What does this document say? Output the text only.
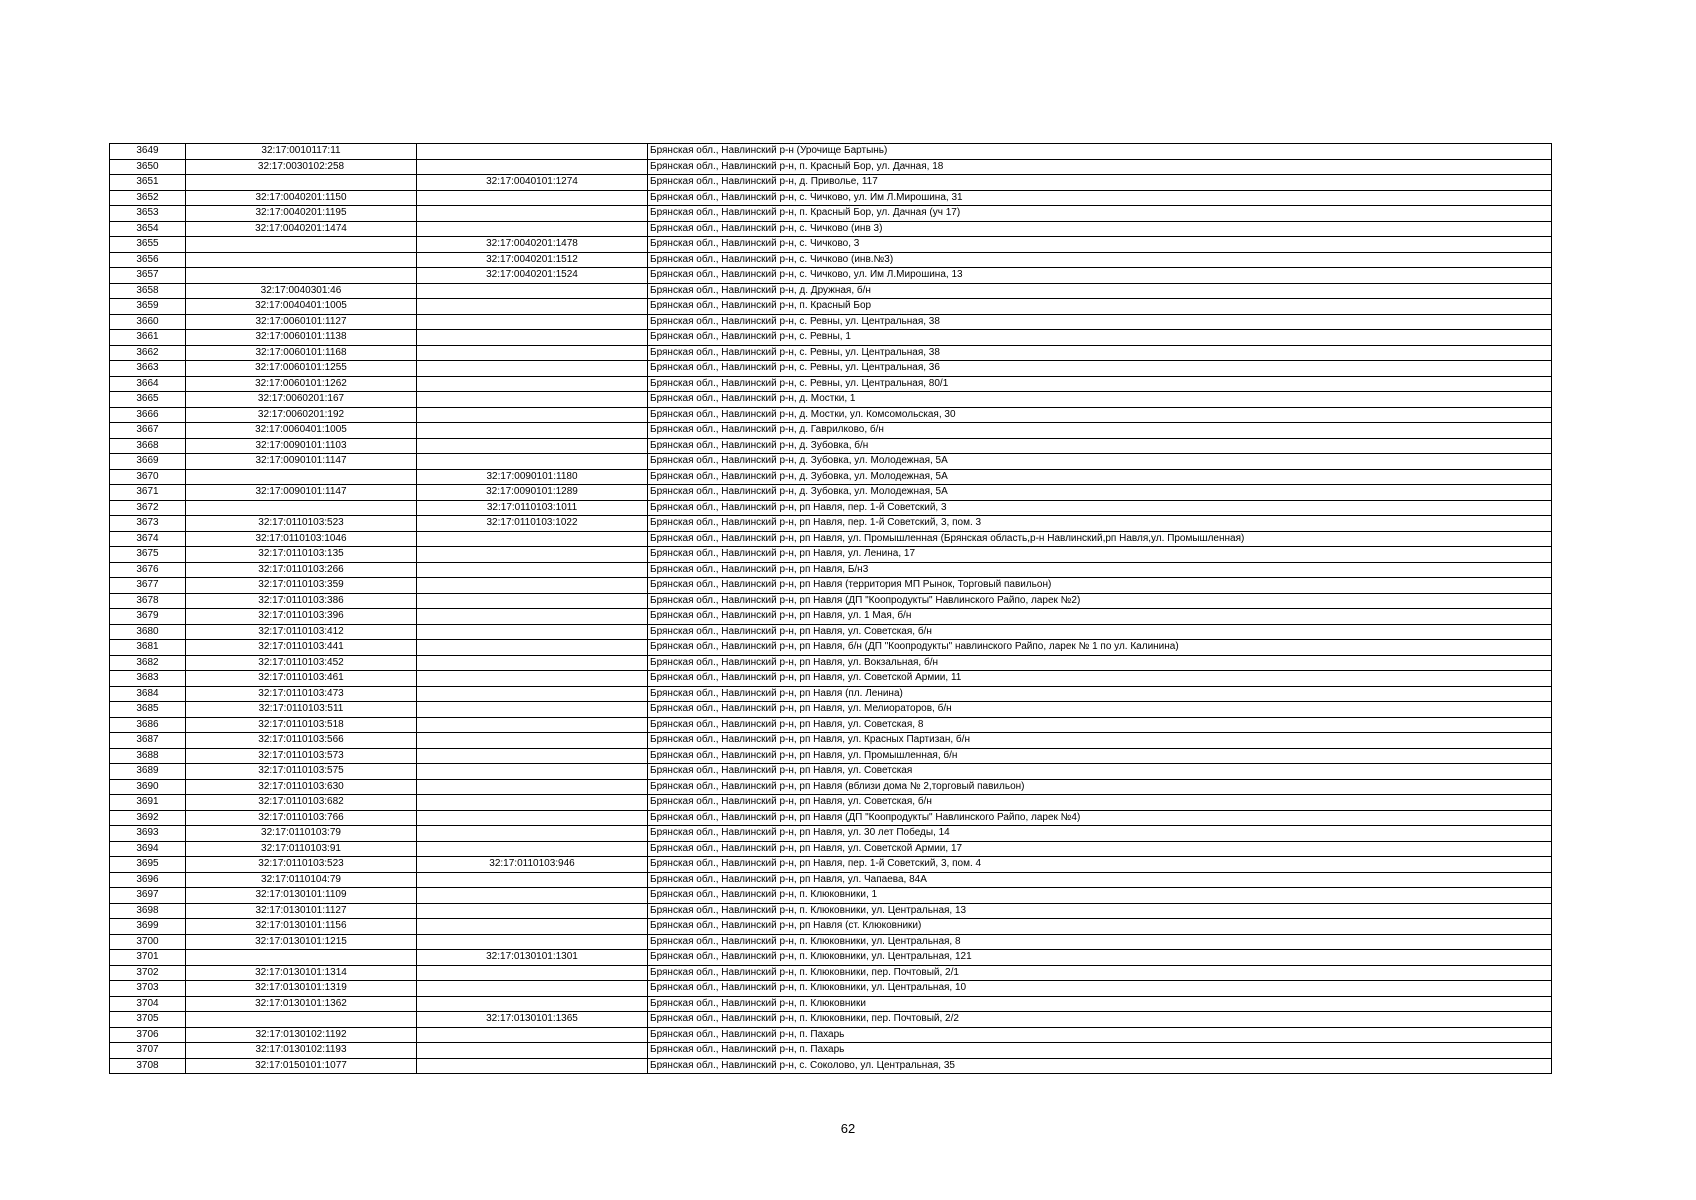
3649	32:17:0010117:11		Брянская обл., Навлинский р-н (Урочище Бартынь)
3650	32:17:0030102:258		Брянская обл., Навлинский р-н, п. Красный Бор, ул. Дачная, 18
3651		32:17:0040101:1274	Брянская обл., Навлинский р-н, д. Приволье, 117
3652	32:17:0040201:1150		Брянская обл., Навлинский р-н, с. Чичково, ул. Им Л.Мирошина, 31
3653	32:17:0040201:1195		Брянская обл., Навлинский р-н, п. Красный Бор, ул. Дачная (уч 17)
3654	32:17:0040201:1474		Брянская обл., Навлинский р-н, с. Чичково (инв 3)
3655		32:17:0040201:1478	Брянская обл., Навлинский р-н, с. Чичково, 3
3656		32:17:0040201:1512	Брянская обл., Навлинский р-н, с. Чичково (инв.№3)
3657		32:17:0040201:1524	Брянская обл., Навлинский р-н, с. Чичково, ул. Им Л.Мирошина, 13
3658	32:17:0040301:46		Брянская обл., Навлинский р-н, д. Дружная, б/н
3659	32:17:0040401:1005		Брянская обл., Навлинский р-н, п. Красный Бор
3660	32:17:0060101:1127		Брянская обл., Навлинский р-н, с. Ревны, ул. Центральная, 38
3661	32:17:0060101:1138		Брянская обл., Навлинский р-н, с. Ревны, 1
3662	32:17:0060101:1168		Брянская обл., Навлинский р-н, с. Ревны, ул. Центральная, 38
3663	32:17:0060101:1255		Брянская обл., Навлинский р-н, с. Ревны, ул. Центральная, 36
3664	32:17:0060101:1262		Брянская обл., Навлинский р-н, с. Ревны, ул. Центральная, 80/1
3665	32:17:0060201:167		Брянская обл., Навлинский р-н, д. Мостки, 1
3666	32:17:0060201:192		Брянская обл., Навлинский р-н, д. Мостки, ул. Комсомольская, 30
3667	32:17:0060401:1005		Брянская обл., Навлинский р-н, д. Гаврилково, б/н
3668	32:17:0090101:1103		Брянская обл., Навлинский р-н, д. Зубовка, б/н
3669	32:17:0090101:1147		Брянская обл., Навлинский р-н, д. Зубовка, ул. Молодежная, 5А
3670		32:17:0090101:1180	Брянская обл., Навлинский р-н, д. Зубовка, ул. Молодежная, 5А
3671	32:17:0090101:1147	32:17:0090101:1289	Брянская обл., Навлинский р-н, д. Зубовка, ул. Молодежная, 5А
3672		32:17:0110103:1011	Брянская обл., Навлинский р-н, рп Навля, пер. 1-й Советский, 3
3673	32:17:0110103:523	32:17:0110103:1022	Брянская обл., Навлинский р-н, рп Навля, пер. 1-й Советский, 3, пом. 3
3674	32:17:0110103:1046		Брянская обл., Навлинский р-н, рп Навля, ул. Промышленная (Брянская область,р-н Навлинский,рп Навля,ул. Промышленная)
3675	32:17:0110103:135		Брянская обл., Навлинский р-н, рп Навля, ул. Ленина, 17
3676	32:17:0110103:266		Брянская обл., Навлинский р-н, рп Навля, Б/н3
3677	32:17:0110103:359		Брянская обл., Навлинский р-н, рп Навля (территория МП Рынок, Торговый павильон)
3678	32:17:0110103:386		Брянская обл., Навлинский р-н, рп Навля (ДП "Коопродукты" Навлинского Райпо, ларек №2)
3679	32:17:0110103:396		Брянская обл., Навлинский р-н, рп Навля, ул. 1 Мая, б/н
3680	32:17:0110103:412		Брянская обл., Навлинский р-н, рп Навля, ул. Советская, б/н
3681	32:17:0110103:441		Брянская обл., Навлинский р-н, рп Навля, б/н (ДП "Коопродукты" навлинского Райпо, ларек № 1 по ул. Калинина)
3682	32:17:0110103:452		Брянская обл., Навлинский р-н, рп Навля, ул. Вокзальная, б/н
3683	32:17:0110103:461		Брянская обл., Навлинский р-н, рп Навля, ул. Советской Армии, 11
3684	32:17:0110103:473		Брянская обл., Навлинский р-н, рп Навля (пл. Ленина)
3685	32:17:0110103:511		Брянская обл., Навлинский р-н, рп Навля, ул. Мелиораторов, б/н
3686	32:17:0110103:518		Брянская обл., Навлинский р-н, рп Навля, ул. Советская, 8
3687	32:17:0110103:566		Брянская обл., Навлинский р-н, рп Навля, ул. Красных Партизан, б/н
3688	32:17:0110103:573		Брянская обл., Навлинский р-н, рп Навля, ул. Промышленная, б/н
3689	32:17:0110103:575		Брянская обл., Навлинский р-н, рп Навля, ул. Советская
3690	32:17:0110103:630		Брянская обл., Навлинский р-н, рп Навля (вблизи дома № 2,торговый павильон)
3691	32:17:0110103:682		Брянская обл., Навлинский р-н, рп Навля, ул. Советская, б/н
3692	32:17:0110103:766		Брянская обл., Навлинский р-н, рп Навля (ДП "Коопродукты" Навлинского Райпо, ларек №4)
3693	32:17:0110103:79		Брянская обл., Навлинский р-н, рп Навля, ул. 30 лет Победы, 14
3694	32:17:0110103:91		Брянская обл., Навлинский р-н, рп Навля, ул. Советской Армии, 17
3695	32:17:0110103:523	32:17:0110103:946	Брянская обл., Навлинский р-н, рп Навля, пер. 1-й Советский, 3, пом. 4
3696	32:17:0110104:79		Брянская обл., Навлинский р-н, рп Навля, ул. Чапаева, 84А
3697	32:17:0130101:1109		Брянская обл., Навлинский р-н, п. Клюковники, 1
3698	32:17:0130101:1127		Брянская обл., Навлинский р-н, п. Клюковники, ул. Центральная, 13
3699	32:17:0130101:1156		Брянская обл., Навлинский р-н, рп Навля (ст. Клюковники)
3700	32:17:0130101:1215		Брянская обл., Навлинский р-н, п. Клюковники, ул. Центральная, 8
3701		32:17:0130101:1301	Брянская обл., Навлинский р-н, п. Клюковники, ул. Центральная, 121
3702	32:17:0130101:1314		Брянская обл., Навлинский р-н, п. Клюковники, пер. Почтовый, 2/1
3703	32:17:0130101:1319		Брянская обл., Навлинский р-н, п. Клюковники, ул. Центральная, 10
3704	32:17:0130101:1362		Брянская обл., Навлинский р-н, п. Клюковники
3705		32:17:0130101:1365	Брянская обл., Навлинский р-н, п. Клюковники, пер. Почтовый, 2/2
3706	32:17:0130102:1192		Брянская обл., Навлинский р-н, п. Пахарь
3707	32:17:0130102:1193		Брянская обл., Навлинский р-н, п. Пахарь
3708	32:17:0150101:1077		Брянская обл., Навлинский р-н, с. Соколово, ул. Центральная, 35
62
